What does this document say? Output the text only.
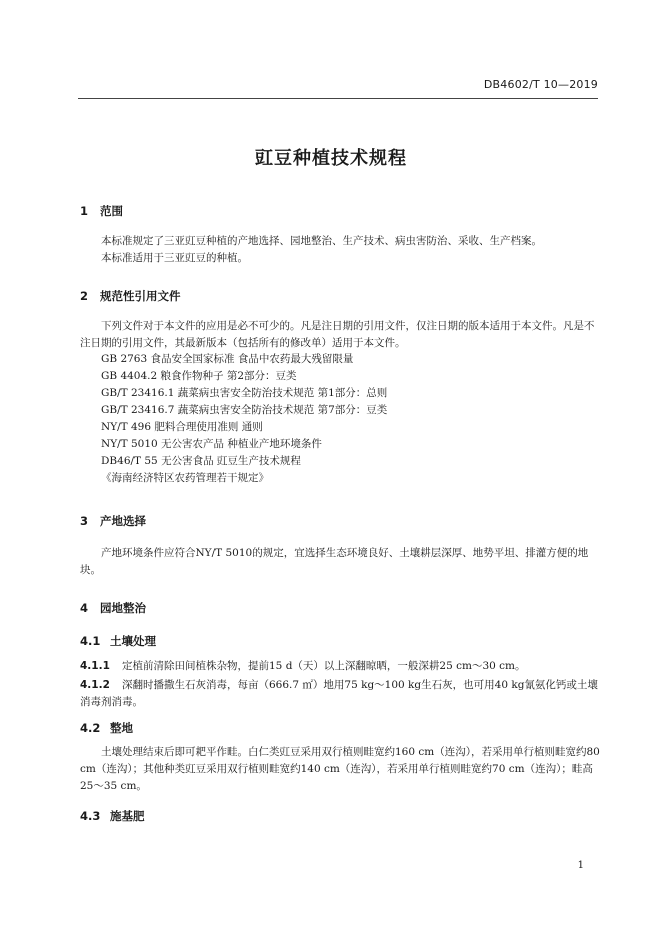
DB4602/T 10—2019
豇豆种植技术规程
1 范围
本标准规定了三亚豇豆种植的产地选择、园地整治、生产技术、病虫害防治、采收、生产档案。
本标准适用于三亚豇豆的种植。
2 规范性引用文件
下列文件对于本文件的应用是必不可少的。凡是注日期的引用文件，仅注日期的版本适用于本文件。凡是不注日期的引用文件，其最新版本（包括所有的修改单）适用于本文件。
GB 2763 食品安全国家标准 食品中农药最大残留限量
GB 4404.2 粮食作物种子 第2部分：豆类
GB/T 23416.1 蔬菜病虫害安全防治技术规范 第1部分：总则
GB/T 23416.7 蔬菜病虫害安全防治技术规范 第7部分：豆类
NY/T 496 肥料合理使用准则 通则
NY/T 5010 无公害农产品 种植业产地环境条件
DB46/T 55 无公害食品 豇豆生产技术规程
《海南经济特区农药管理若干规定》
3 产地选择
产地环境条件应符合NY/T 5010的规定，宜选择生态环境良好、土壤耕层深厚、地势平坦、排灌方便的地块。
4 园地整治
4.1 土壤处理
4.1.1 定植前清除田间植株杂物，提前15 d（天）以上深翻晾晒，一般深耕25 cm～30 cm。
4.1.2 深翻时播撒生石灰消毒，每亩（666.7 ㎡）地用75 kg～100 kg生石灰，也可用40 kg氰氨化钙或土壤消毒剂消毒。
4.2 整地
土壤处理结束后即可耙平作畦。白仁类豇豆采用双行植则畦宽约160 cm（连沟），若采用单行植则畦宽约80 cm（连沟）；其他种类豇豆采用双行植则畦宽约140 cm（连沟），若采用单行植则畦宽约70 cm（连沟）；畦高25～35 cm。
4.3 施基肥
1
